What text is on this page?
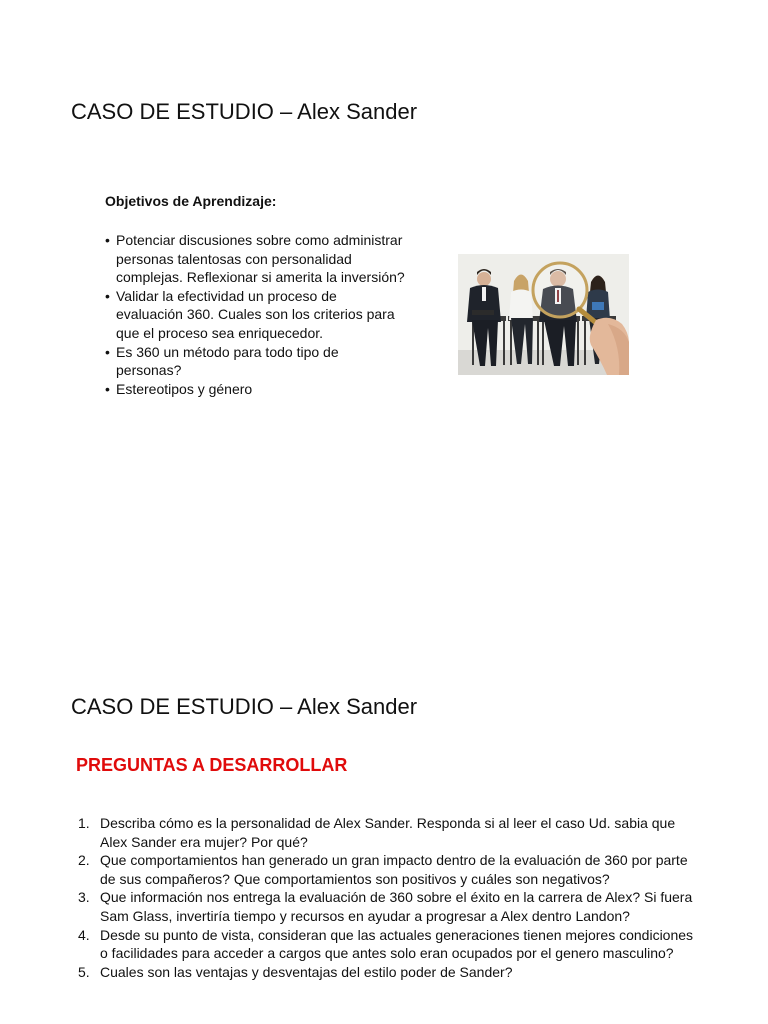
CASO DE ESTUDIO – Alex Sander
Objetivos de Aprendizaje:
• Potenciar discusiones sobre como administrar personas talentosas con personalidad complejas. Reflexionar si amerita la inversión?
• Validar la efectividad un proceso de evaluación 360. Cuales son los criterios para que el proceso sea enriquecedor.
• Es 360 un método para todo tipo de personas?
• Estereotipos y género
CASO DE ESTUDIO – Alex Sander
PREGUNTAS A DESARROLLAR
1. Describa cómo es la personalidad de Alex Sander. Responda si al leer el caso Ud. sabia que Alex Sander era mujer? Por qué?
2. Que comportamientos han generado un gran impacto dentro de la evaluación de 360 por parte de sus compañeros? Que comportamientos son positivos y cuáles son negativos?
3. Que información nos entrega la evaluación de 360 sobre el éxito en la carrera de Alex? Si fuera Sam Glass, invertiría tiempo y recursos en ayudar a progresar a Alex dentro Landon?
4. Desde su punto de vista, consideran que las actuales generaciones tienen mejores condiciones o facilidades para acceder a cargos que antes solo eran ocupados por el genero masculino?
5. Cuales son las ventajas y desventajas del estilo poder de Sander?
